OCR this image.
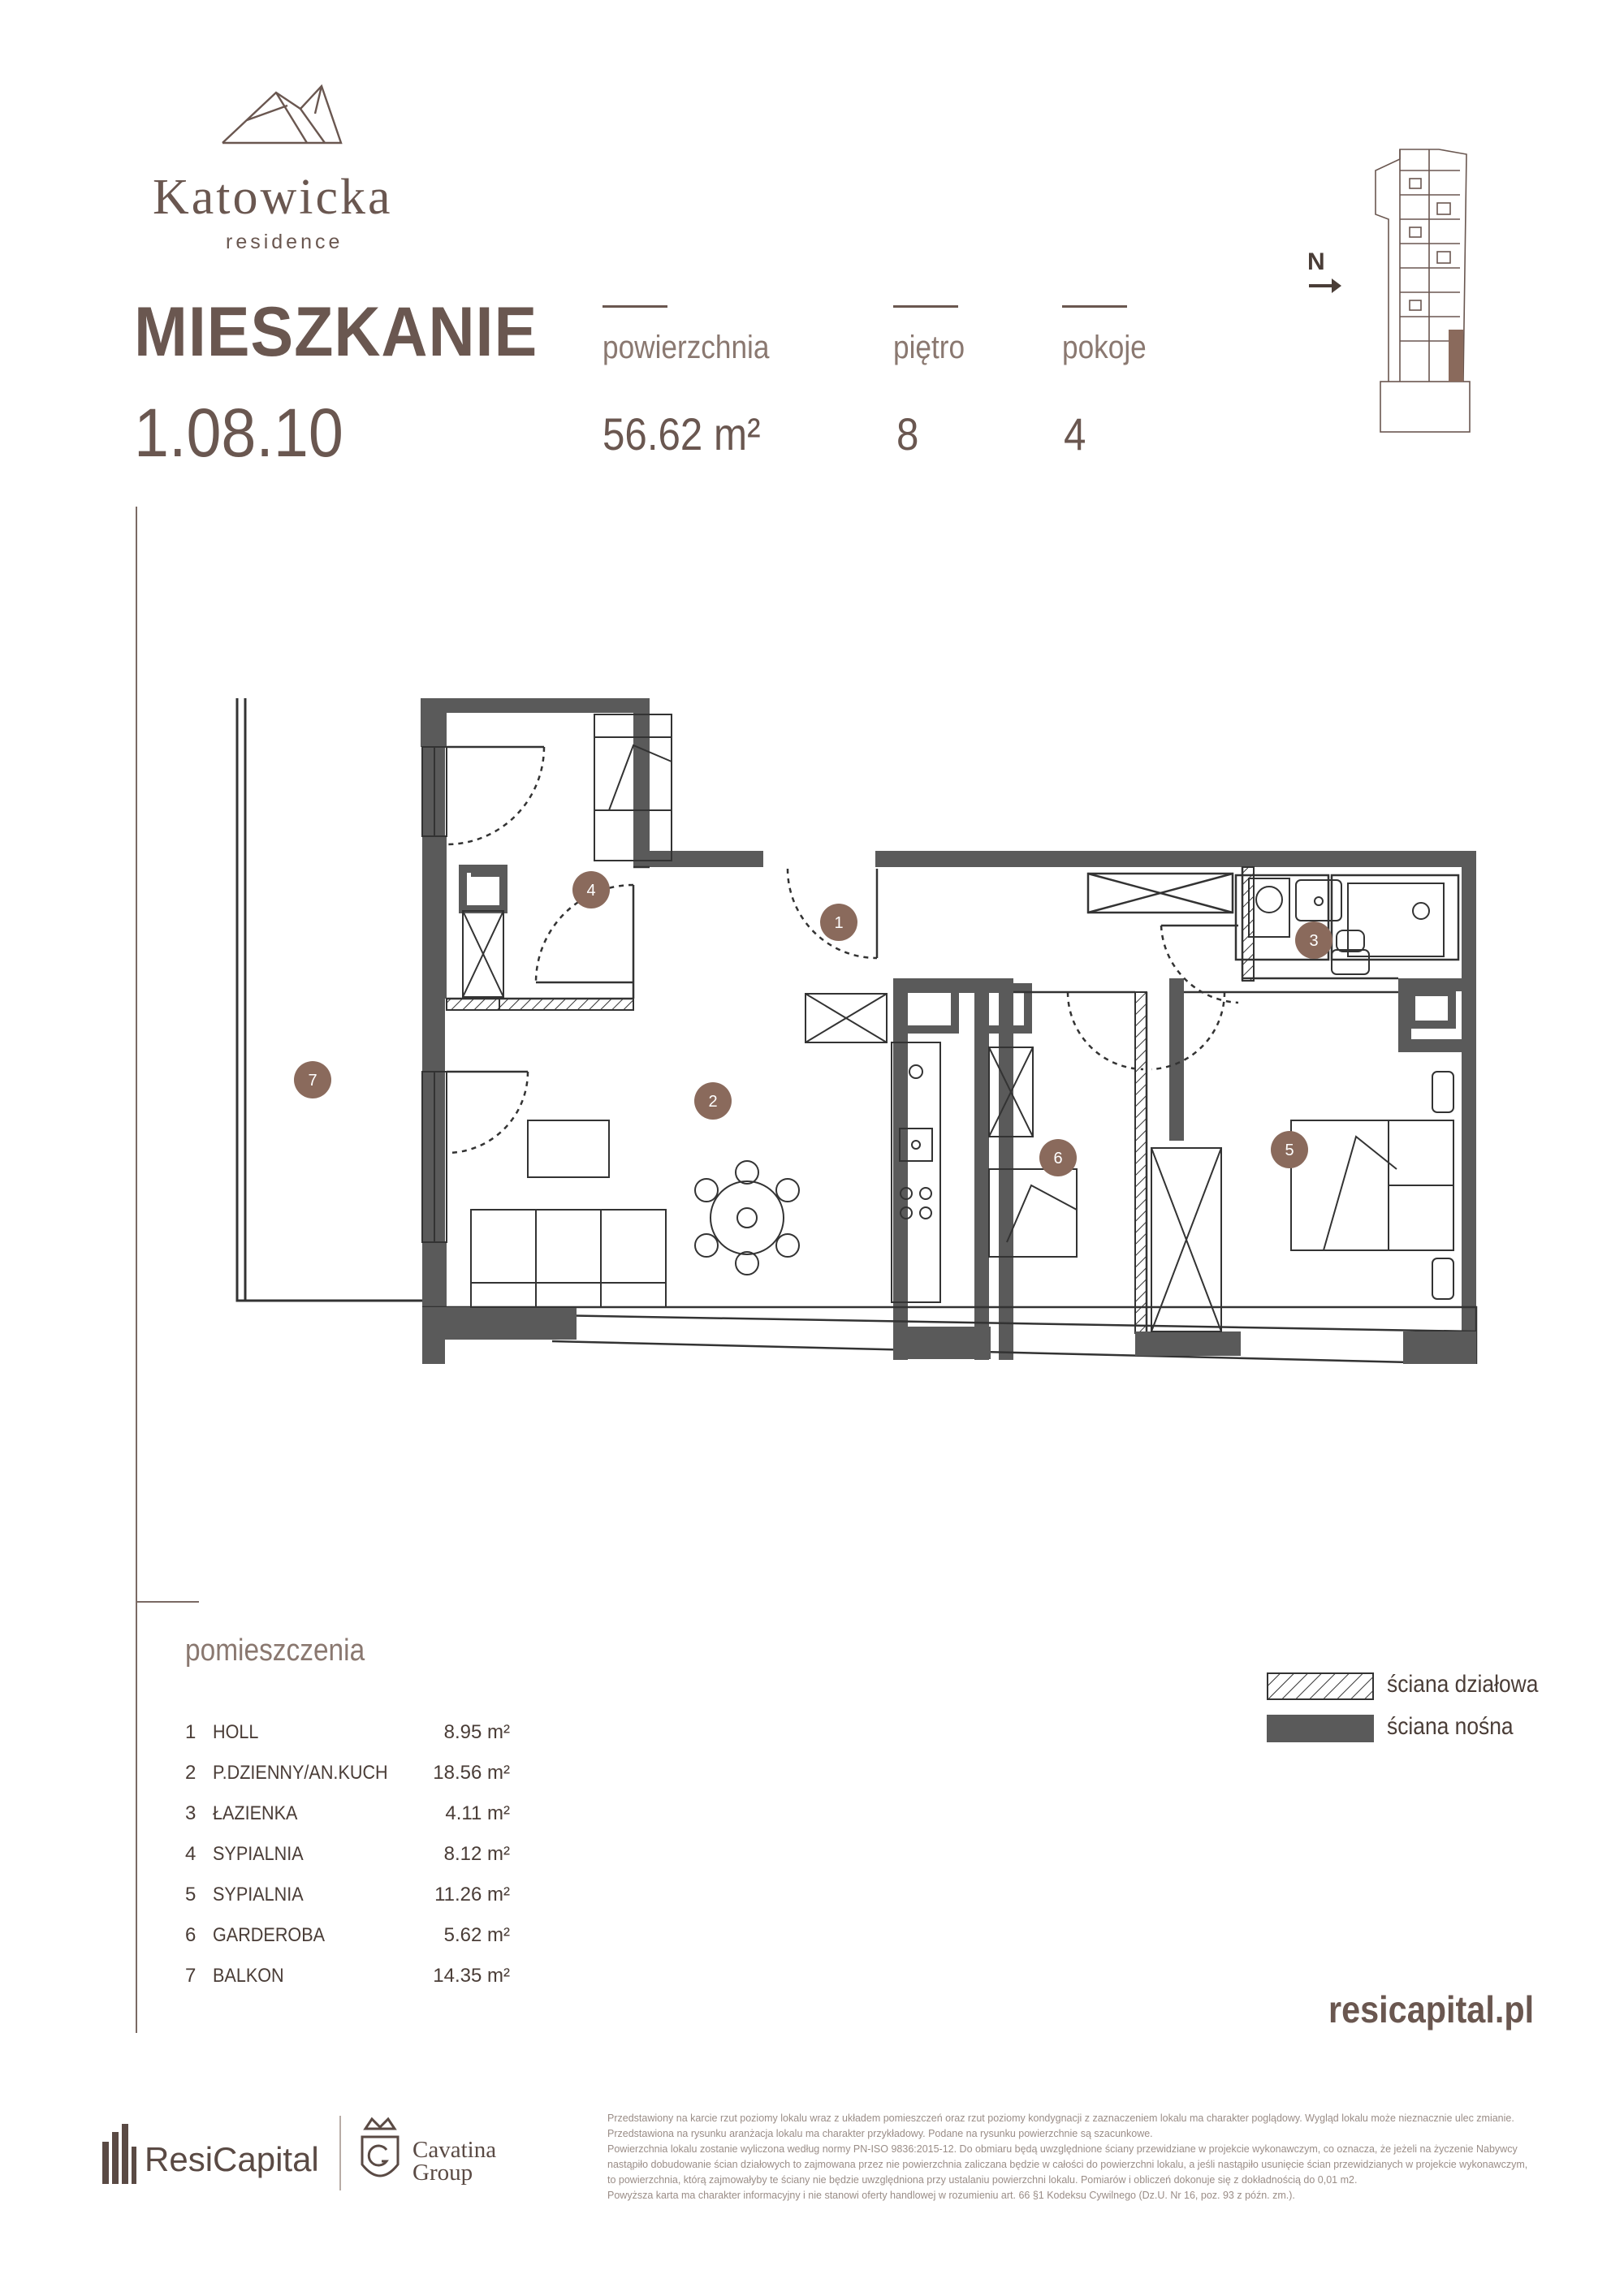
Katowicka
residence
MIESZKANIE
1.08.10
powierzchnia
56.62 m²
piętro
8
pokoje
4
N
1
2
3
4
5
6
7
pomieszczenia
1 HOLL	8.95 m²
2 P.DZIENNY/AN.KUCH 18.56 m²
3 ŁAZIENKA	4.11 m²
4 SYPIALNIA	8.12 m²
5 SYPIALNIA	11.26 m²
6 GARDEROBA	5.62 m²
7 BALKON	14.35 m²
ściana działowa
ściana nośna
resicapital.pl
ResiCapital	Cavatina
Group
Przedstawiony na karcie rzut poziomy lokalu wraz z układem pomieszczeń oraz rzut poziomy kondygnacji z zaznaczeniem lokalu ma charakter poglądowy. Wygląd lokalu może nieznacznie ulec zmianie.
Przedstawiona na rysunku aranżacja lokalu ma charakter przykładowy. Podane na rysunku powierzchnie są szacunkowe.
Powierzchnia lokalu zostanie wyliczona według normy PN-ISO 9836:2015-12. Do obmiaru będą uwzględnione ściany przewidziane w projekcie wykonawczym, co oznacza, że jeżeli na życzenie Nabywcy nastąpiło dobudowanie ścian działowych to zajmowana przez nie powierzchnia zaliczana będzie w całości do powierzchni lokalu, a jeśli nastąpiło usunięcie ścian przewidzianych w projekcie wykonawczym, to powierzchnia, którą zajmowałyby te ściany nie będzie uwzględniona przy ustalaniu powierzchni lokalu. Pomiarów i obliczeń dokonuje się z dokładnością do 0,01 m2.
Powyższa karta ma charakter informacyjny i nie stanowi oferty handlowej w rozumieniu art. 66 §1 Kodeksu Cywilnego (Dz.U. Nr 16, poz. 93 z późn. zm.).
